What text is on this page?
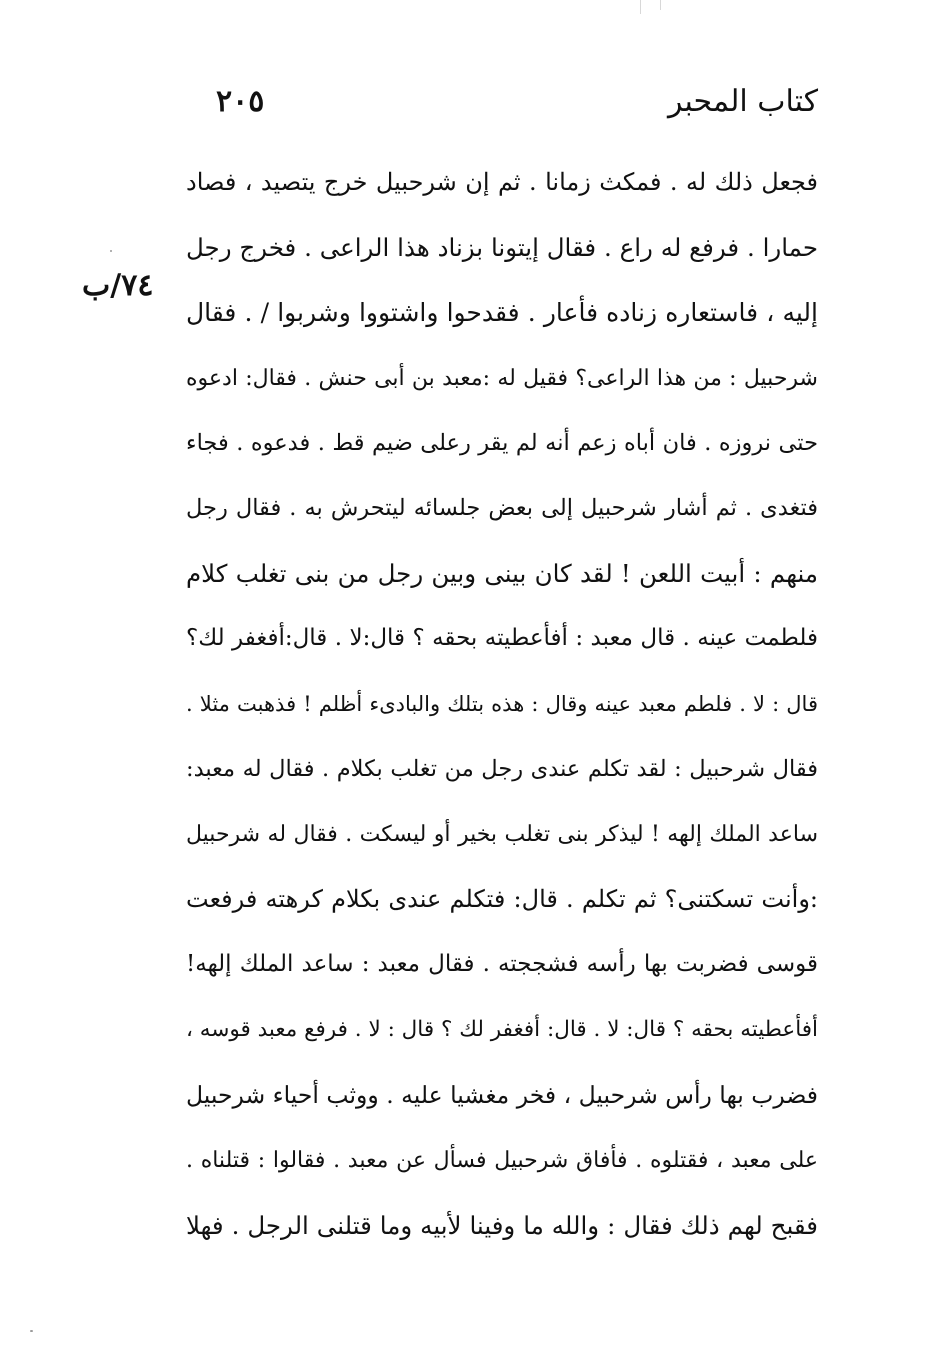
كتاب المحبر
٢٠٥
٧٤/ب
فجعل ذلك له . فمكث زمانا . ثم إن شرحبيل خرج يتصيد ، فصاد
حمارا . فرفع له راع . فقال إيتونا بزناد هذا الراعى . فخرج رجل
إليه ، فاستعاره زناده فأعار . فقدحوا واشتووا وشربوا / . فقال
شرحبيل : من هذا الراعى؟ فقيل له :معبد بن أبى حنش . فقال: ادعوه
حتى نروزه . فان أباه زعم أنه لم يقر رعلى ضيم قط . فدعوه . فجاء
فتغدى . ثم أشار شرحبيل إلى بعض جلسائه ليتحرش به . فقال رجل
منهم : أبيت اللعن ! لقد كان بينى وبين رجل من بنى تغلب كلام
فلطمت عينه . قال معبد : أفأعطيته بحقه ؟ قال:لا . قال:أفغفر لك؟
قال : لا . فلطم معبد عينه وقال : هذه بتلك والبادىء أظلم ! فذهبت مثلا .
فقال شرحبيل : لقد تكلم عندى رجل من تغلب بكلام . فقال له معبد:
ساعد الملك إلهه ! ليذكر بنى تغلب بخير أو ليسكت . فقال له شرحبيل
:وأنت تسكتنى؟ ثم تكلم . قال: فتكلم عندى بكلام كرهته فرفعت
قوسى فضربت بها رأسه فشججته . فقال معبد : ساعد الملك إلهه!
أفأعطيته بحقه ؟ قال: لا . قال: أفغفر لك ؟ قال : لا . فرفع معبد قوسه ،
فضرب بها رأس شرحبيل ، فخر مغشيا عليه . ووثب أحياء شرحبيل
على معبد ، فقتلوه . فأفاق شرحبيل فسأل عن معبد . فقالوا : قتلناه .
فقبح لهم ذلك فقال : والله ما وفينا لأبيه وما قتلنى الرجل . فهلا
